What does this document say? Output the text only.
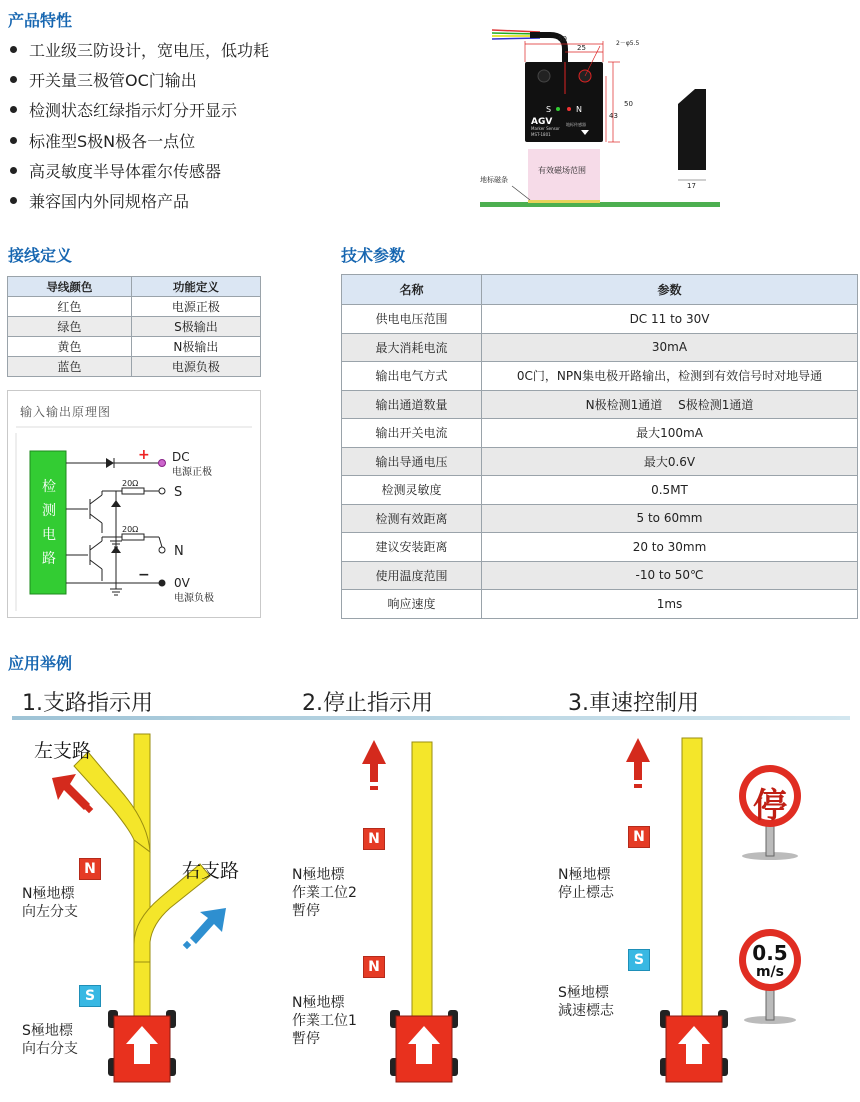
产品特性
工业级三防设计，宽电压，低功耗
开关量三极管OC门输出
检测状态红绿指示灯分开显示
标准型S极N极各一点位
高灵敏度半导体霍尔传感器
兼容国内外同规格产品
S	N
AGV	地标传感器
Marker Sensor
MST-1801
50
25
2－φ5.5
50
43
有效磁场范围
地标磁条
17
接线定义
导线颜色	功能定义
红色	电源正极
绿色	S极输出
黄色	N极输出
蓝色	电源负极
输入输出原理图
+ DC
电源正极
20Ω
S
20Ω
N
− 0V
电源负极
检测电路
技术参数
名称	参数
供电电压范围	DC 11 to 30V
最大消耗电流	30mA
输出电气方式	0C门，NPN集电极开路输出，检测到有效信号时对地导通
输出通道数量	N极检测1通道　 S极检测1通道
输出开关电流	最大100mA
输出导通电压	最大0.6V
检测灵敏度	0.5MT
检测有效距离	5 to 60mm
建议安装距离	20 to 30mm
使用温度范围	-10 to 50℃
响应速度	1ms
应用举例
1.支路指示用	2.停止指示用	3.車速控制用
停
0.5
m/s
左支路
右支路
N
N極地標
向左分支
S
S極地標
向右分支
N
N極地標
作業工位2
暫停
N
N極地標
作業工位1
暫停
N
N極地標
停止標志
S
S極地標
減速標志
